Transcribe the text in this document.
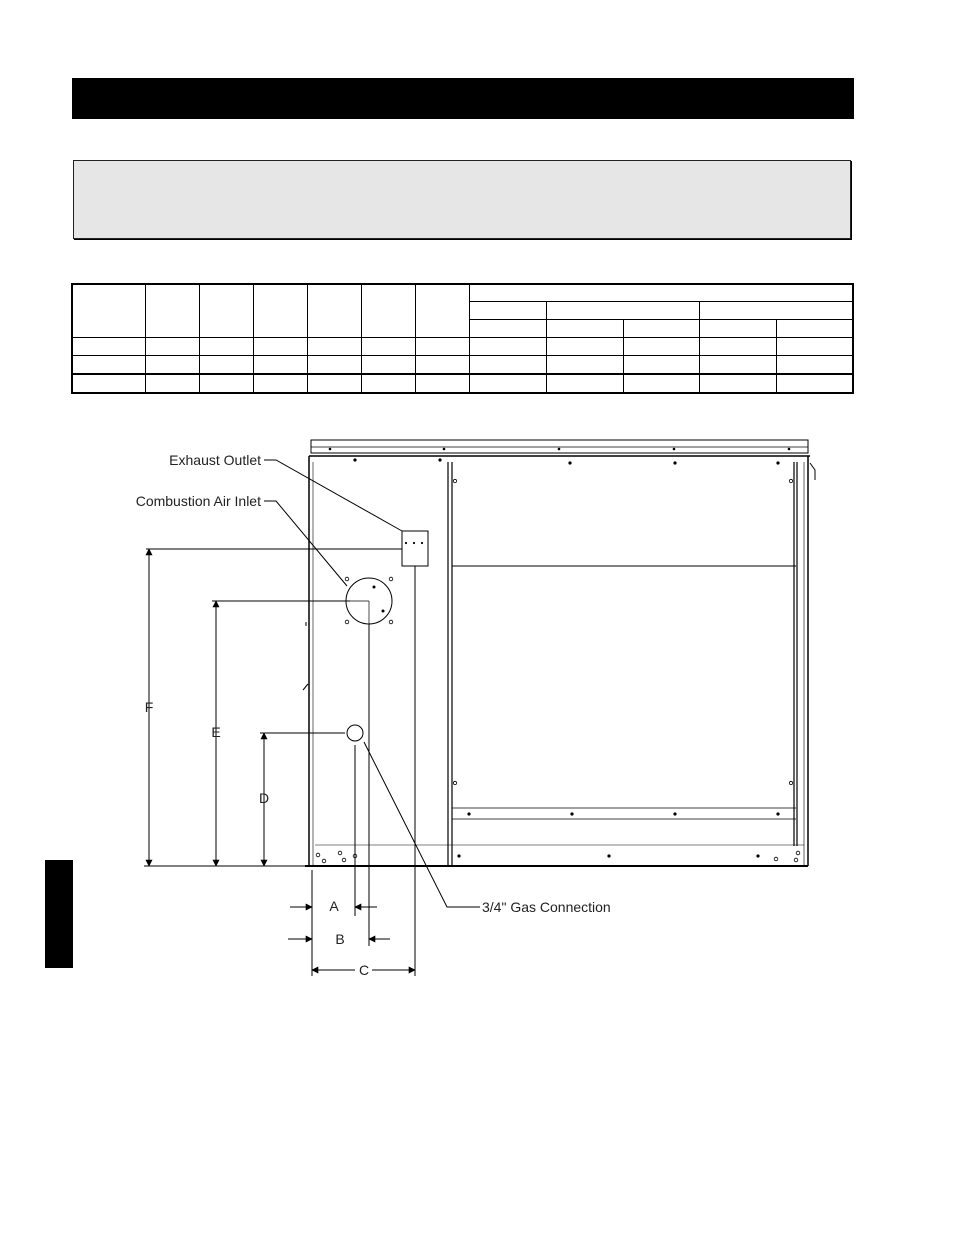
Exhaust Outlet
Combustion Air Inlet
3/4" Gas Connection
F
E
D
A
B
C
